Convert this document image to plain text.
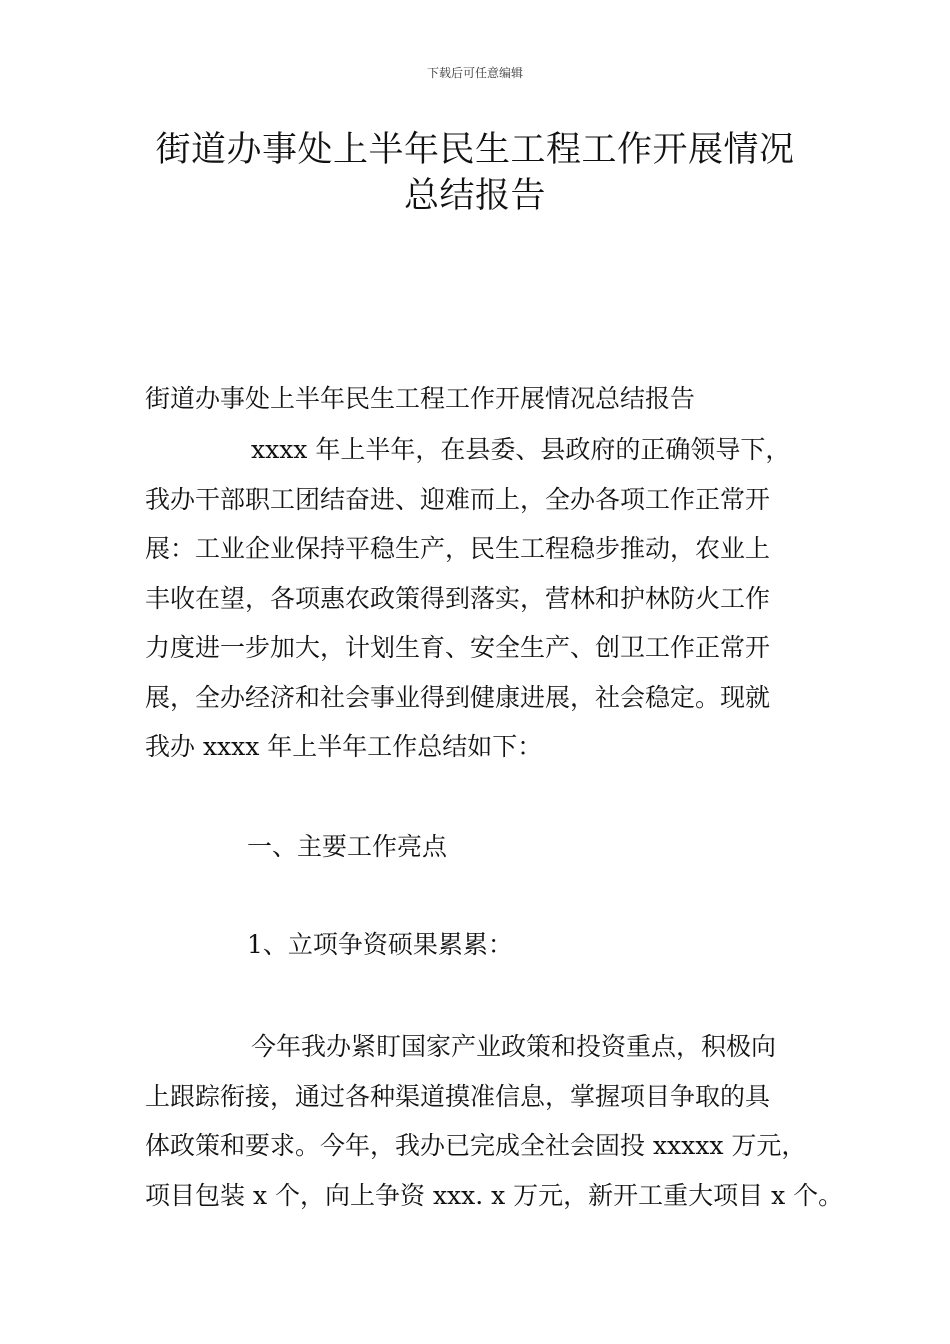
下载后可任意编辑
街道办事处上半年民生工程工作开展情况
总结报告
街道办事处上半年民生工程工作开展情况总结报告
xxxx 年上半年，在县委、县政府的正确领导下，
我办干部职工团结奋进、迎难而上，全办各项工作正常开
展：工业企业保持平稳生产，民生工程稳步推动，农业上
丰收在望，各项惠农政策得到落实，营林和护林防火工作
力度进一步加大，计划生育、安全生产、创卫工作正常开
展，全办经济和社会事业得到健康进展，社会稳定。现就
我办 xxxx 年上半年工作总结如下：
一、主要工作亮点
1、立项争资硕果累累：
今年我办紧盯国家产业政策和投资重点，积极向
上跟踪衔接，通过各种渠道摸准信息，掌握项目争取的具
体政策和要求。今年，我办已完成全社会固投 xxxxx 万元，
项目包装 x 个，向上争资 xxx. x 万元，新开工重大项目 x 个。
